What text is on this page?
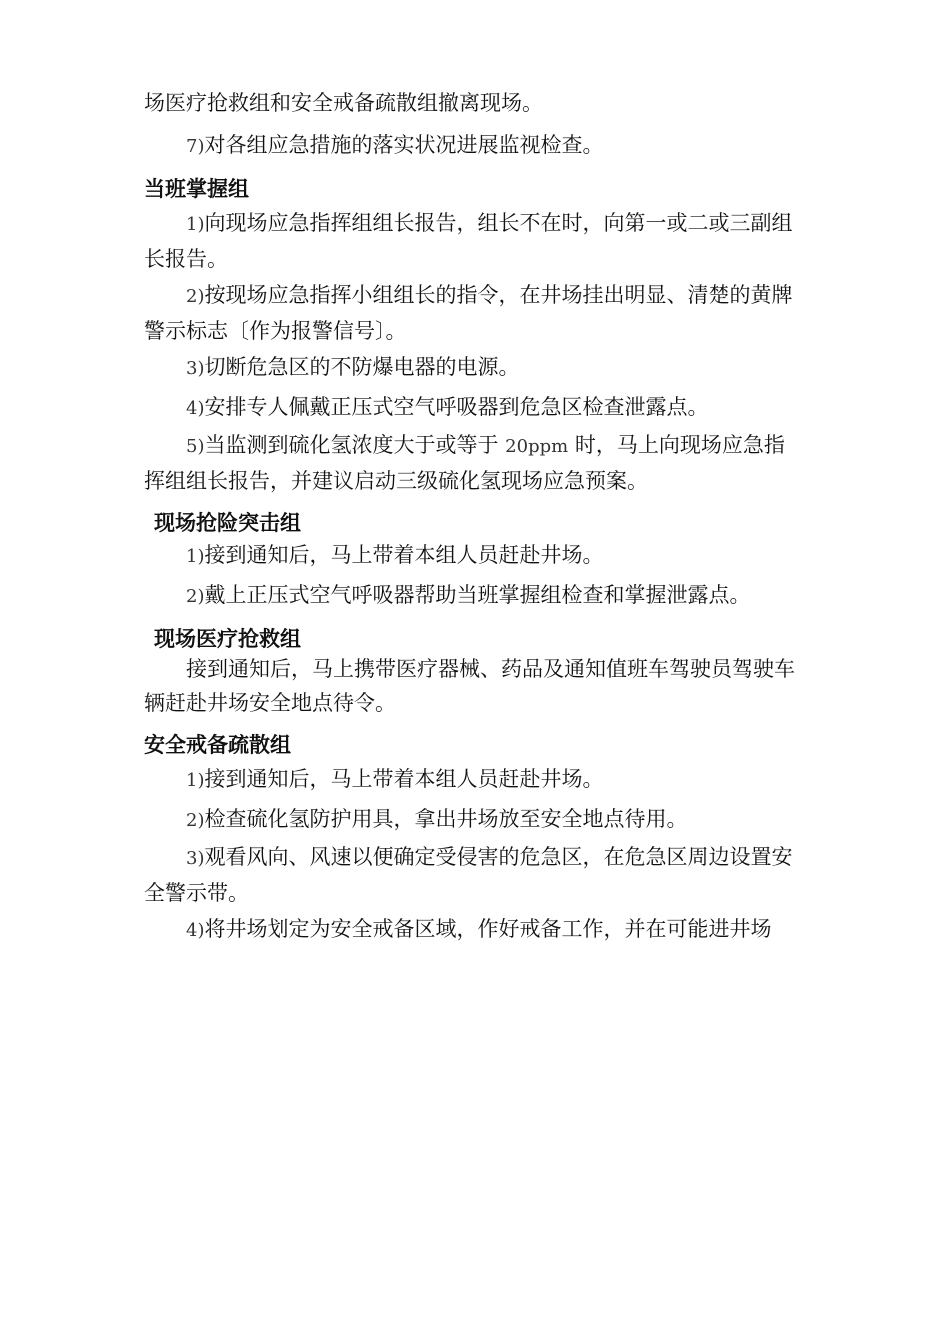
场医疗抢救组和安全戒备疏散组撤离现场。

7)对各组应急措施的落实状况进展监视检查。

当班掌握组

1)向现场应急指挥组组长报告，组长不在时，向第一或二或三副组长报告。

2)按现场应急指挥小组组长的指令，在井场挂出明显、清楚的黄牌警示标志〔作为报警信号〕。

3)切断危急区的不防爆电器的电源。

4)安排专人佩戴正压式空气呼吸器到危急区检查泄露点。

5)当监测到硫化氢浓度大于或等于 20ppm 时，马上向现场应急指挥组组长报告，并建议启动三级硫化氢现场应急预案。

现场抢险突击组

1)接到通知后，马上带着本组人员赶赴井场。

2)戴上正压式空气呼吸器帮助当班掌握组检查和掌握泄露点。

现场医疗抢救组

接到通知后，马上携带医疗器械、药品及通知值班车驾驶员驾驶车辆赶赴井场安全地点待令。

安全戒备疏散组

1)接到通知后，马上带着本组人员赶赴井场。

2)检查硫化氢防护用具，拿出井场放至安全地点待用。

3)观看风向、风速以便确定受侵害的危急区，在危急区周边设置安全警示带。

4)将井场划定为安全戒备区域，作好戒备工作，并在可能进井场
